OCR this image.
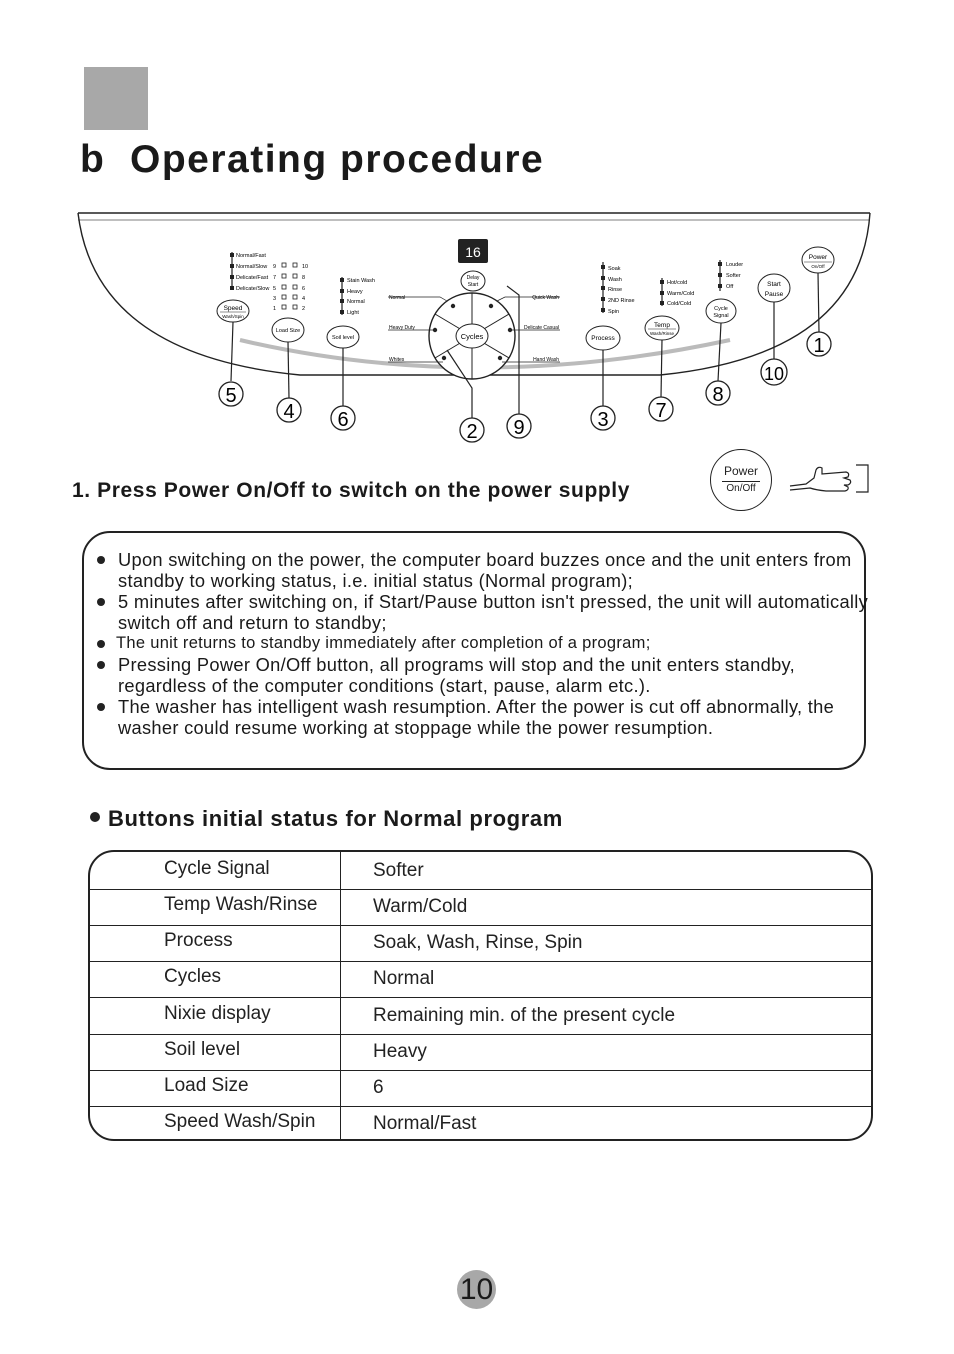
b Operating procedure
Normal/Fast
Normal/Slow
Delicate/Fast
Delicate/Slow
Speed
Wash/Spin
9	10
7	8
5	6
3	4
1	2
Load Size
Stain Wash
Heavy
Normal
Light
Soil level
16
Delay
Start
Normal
Heavy Duty
Whites
Quick Wash
Delicate Casual
Hand Wash
Cycles
Soak
Wash
Rinse
2ND Rinse
Spin
Process
Hot/cold
Warm/Cold
Cold/Cold
Temp
Wash/Rinse
Louder
Softer
Off
Cycle
Signal
Start
Pause
Power
On/Off
5
4 6
2 9	3 7
8
10
1
1. Press Power On/Off to switch on the power supply
Power
On/Off
Upon switching on the power, the computer board buzzes once and the unit enters from standby to working status, i.e. initial status (Normal program);
5 minutes after switching on, if Start/Pause button isn't pressed, the unit will automatically switch off and return to standby;
The unit returns to standby immediately after completion of a program;
Pressing Power On/Off button, all programs will stop and the unit enters standby, regardless of the computer conditions (start, pause, alarm etc.).
The washer has intelligent wash resumption. After the power is cut off abnormally, the washer could resume working at stoppage while the power resumption.
Buttons initial status for Normal program
Cycle Signal	Softer
Temp Wash/Rinse	Warm/Cold
Process	Soak, Wash, Rinse, Spin
Cycles	Normal
Nixie display	Remaining min. of the present cycle
Soil level	Heavy
Load Size	6
Speed Wash/Spin	Normal/Fast
10
